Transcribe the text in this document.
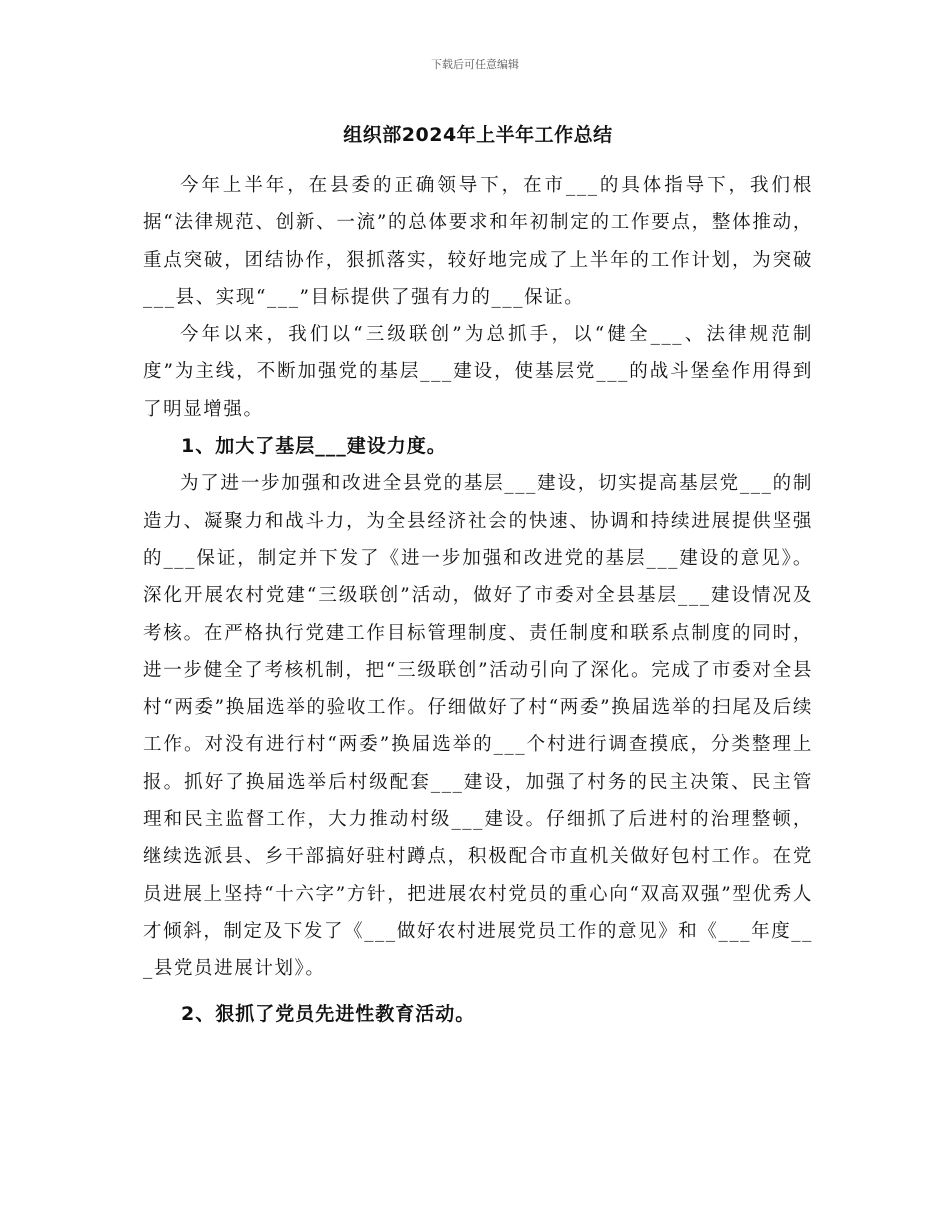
下载后可任意编辑
组织部2024年上半年工作总结

今年上半年，在县委的正确领导下，在市___的具体指导下，我们根据“法律规范、创新、一流”的总体要求和年初制定的工作要点，整体推动，重点突破，团结协作，狠抓落实，较好地完成了上半年的工作计划，为突破___县、实现“___”目标提供了强有力的___保证。

今年以来，我们以“三级联创”为总抓手，以“健全___、法律规范制度”为主线，不断加强党的基层___建设，使基层党___的战斗堡垒作用得到了明显增强。

1、加大了基层___建设力度。

为了进一步加强和改进全县党的基层___建设，切实提高基层党___的制造力、凝聚力和战斗力，为全县经济社会的快速、协调和持续进展提供坚强的___保证，制定并下发了《进一步加强和改进党的基层___建设的意见》。深化开展农村党建“三级联创”活动，做好了市委对全县基层___建设情况及考核。在严格执行党建工作目标管理制度、责任制度和联系点制度的同时，进一步健全了考核机制，把“三级联创”活动引向了深化。完成了市委对全县村“两委”换届选举的验收工作。仔细做好了村“两委”换届选举的扫尾及后续工作。对没有进行村“两委”换届选举的___个村进行调查摸底，分类整理上报。抓好了换届选举后村级配套___建设，加强了村务的民主决策、民主管理和民主监督工作，大力推动村级___建设。仔细抓了后进村的治理整顿，继续选派县、乡干部搞好驻村蹲点，积极配合市直机关做好包村工作。在党员进展上坚持“十六字”方针，把进展农村党员的重心向“双高双强”型优秀人才倾斜，制定及下发了《___做好农村进展党员工作的意见》和《___年度___县党员进展计划》。

2、狠抓了党员先进性教育活动。
